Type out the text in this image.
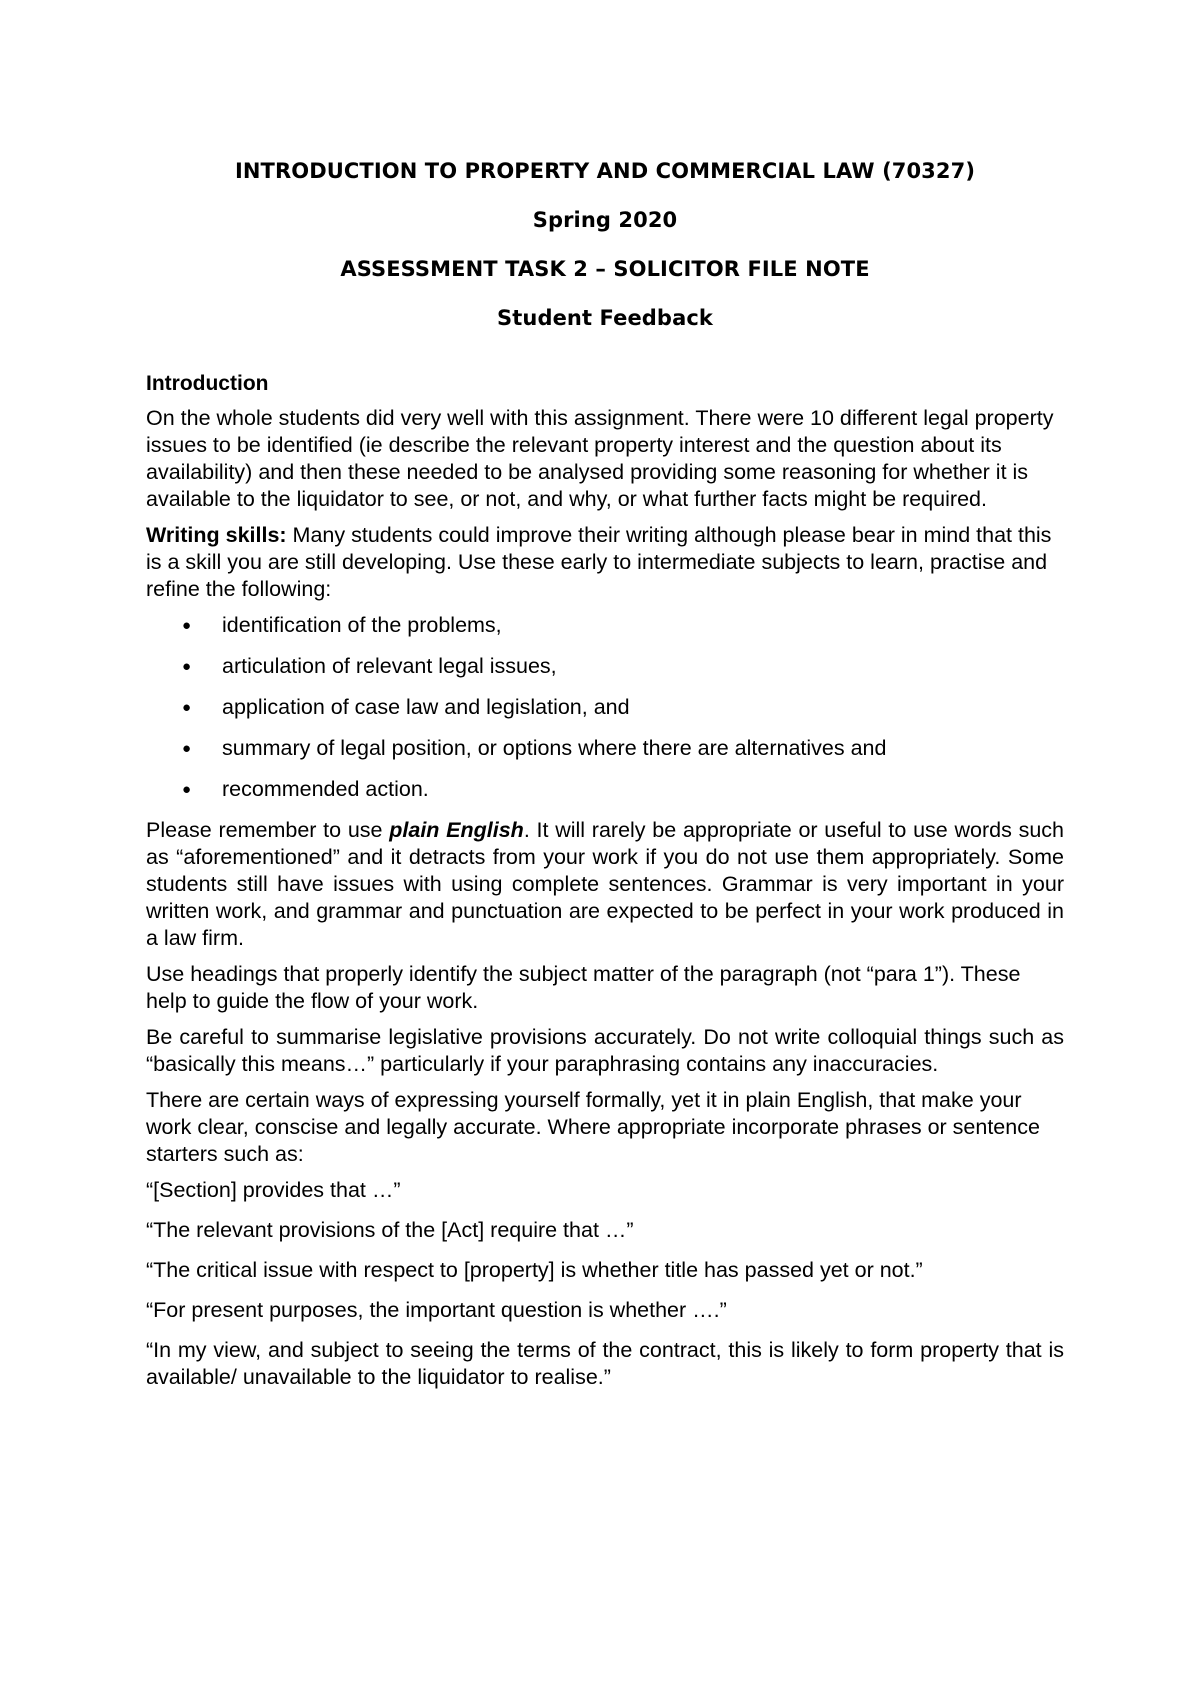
INTRODUCTION TO PROPERTY AND COMMERCIAL LAW (70327)

Spring 2020

ASSESSMENT TASK 2 – SOLICITOR FILE NOTE

Student Feedback

Introduction

On the whole students did very well with this assignment. There were 10 different legal property issues to be identified (ie describe the relevant property interest and the question about its availability) and then these needed to be analysed providing some reasoning for whether it is available to the liquidator to see, or not, and why, or what further facts might be required.

Writing skills: Many students could improve their writing although please bear in mind that this is a skill you are still developing. Use these early to intermediate subjects to learn, practise and refine the following:

●	identification of the problems,
●	articulation of relevant legal issues,
●	application of case law and legislation, and
●	summary of legal position, or options where there are alternatives and
●	recommended action.

Please remember to use plain English. It will rarely be appropriate or useful to use words such as “aforementioned” and it detracts from your work if you do not use them appropriately. Some students still have issues with using complete sentences. Grammar is very important in your written work, and grammar and punctuation are expected to be perfect in your work produced in a law firm.

Use headings that properly identify the subject matter of the paragraph (not “para 1”). These help to guide the flow of your work.

Be careful to summarise legislative provisions accurately. Do not write colloquial things such as “basically this means…” particularly if your paraphrasing contains any inaccuracies.

There are certain ways of expressing yourself formally, yet it in plain English, that make your work clear, conscise and legally accurate. Where appropriate incorporate phrases or sentence starters such as:

“[Section] provides that …”

“The relevant provisions of the [Act] require that …”

“The critical issue with respect to [property] is whether title has passed yet or not.”

“For present purposes, the important question is whether ….”

“In my view, and subject to seeing the terms of the contract, this is likely to form property that is available/ unavailable to the liquidator to realise.”
